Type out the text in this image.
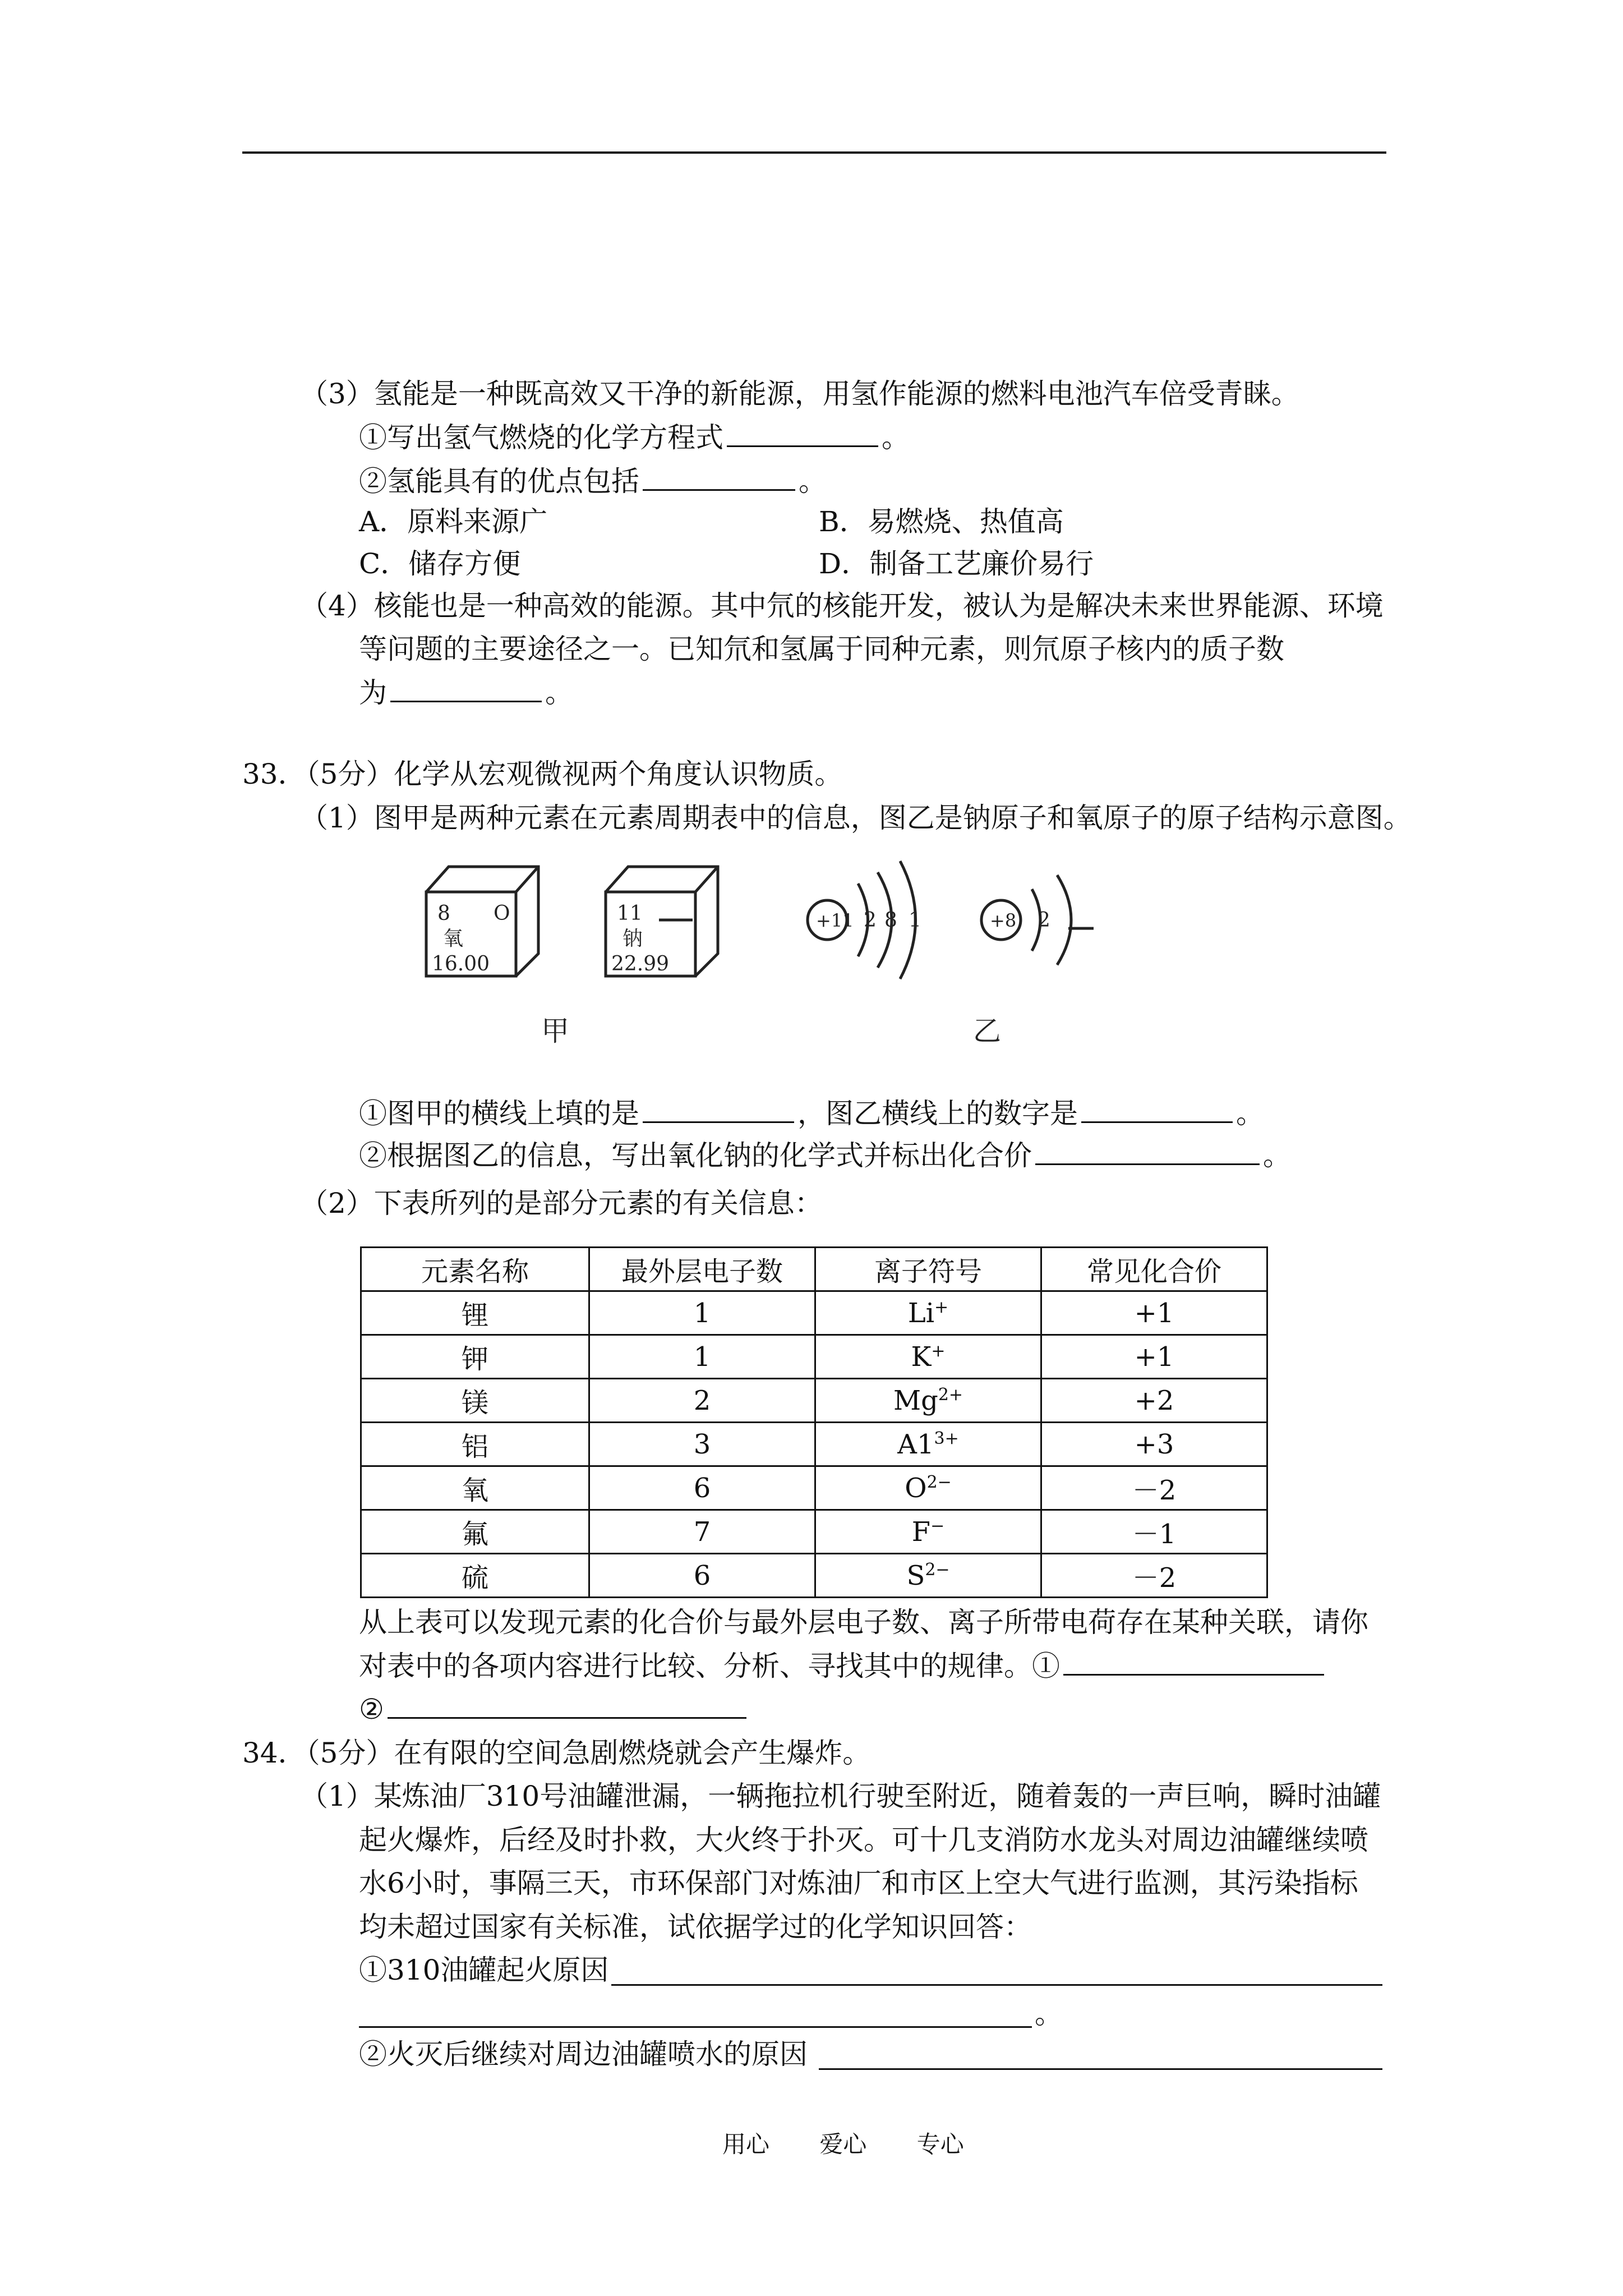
（3）氢能是一种既高效又干净的新能源，用氢作能源的燃料电池汽车倍受青睐。
①写出氢气燃烧的化学方程式	。
②氢能具有的优点包括	。
A．原料来源广	B．易燃烧、热值高
C．储存方便	D．制备工艺廉价易行
（4）核能也是一种高效的能源。其中氘的核能开发，被认为是解决未来世界能源、环境
等问题的主要途径之一。已知氘和氢属于同种元素，则氘原子核内的质子数
为	。
33．（5分）化学从宏观微视两个角度认识物质。
（1）图甲是两种元素在元素周期表中的信息，图乙是钠原子和氧原子的原子结构示意图。
8 O
氧
16.00
11
钠
22.99
+11 2 8 1	+8 2
甲	乙
①图甲的横线上填的是	，图乙横线上的数字是	。
②根据图乙的信息，写出氧化钠的化学式并标出化合价	。
（2）下表所列的是部分元素的有关信息：
元素名称	最外层电子数	离子符号	常见化合价
锂	1	Li+	+1
钾	1	K+	+1
镁	2	$Mg^{2+}$	+2
铝	3	$A1^{3+}$	+3
氧	6	$O^{2-}$	－2
氟	7	F−	－1
硫	6	$S^{2-}$	－2
从上表可以发现元素的化合价与最外层电子数、离子所带电荷存在某种关联，请你
对表中的各项内容进行比较、分析、寻找其中的规律。①
②
34．（5分）在有限的空间急剧燃烧就会产生爆炸。
（1）某炼油厂310号油罐泄漏，一辆拖拉机行驶至附近，随着轰的一声巨响，瞬时油罐
起火爆炸，后经及时扑救，大火终于扑灭。可十几支消防水龙头对周边油罐继续喷
水6小时，事隔三天，市环保部门对炼油厂和市区上空大气进行监测，其污染指标
均未超过国家有关标准，试依据学过的化学知识回答：
①310油罐起火原因
。
②火灭后继续对周边油罐喷水的原因
用心 爱心 专心
